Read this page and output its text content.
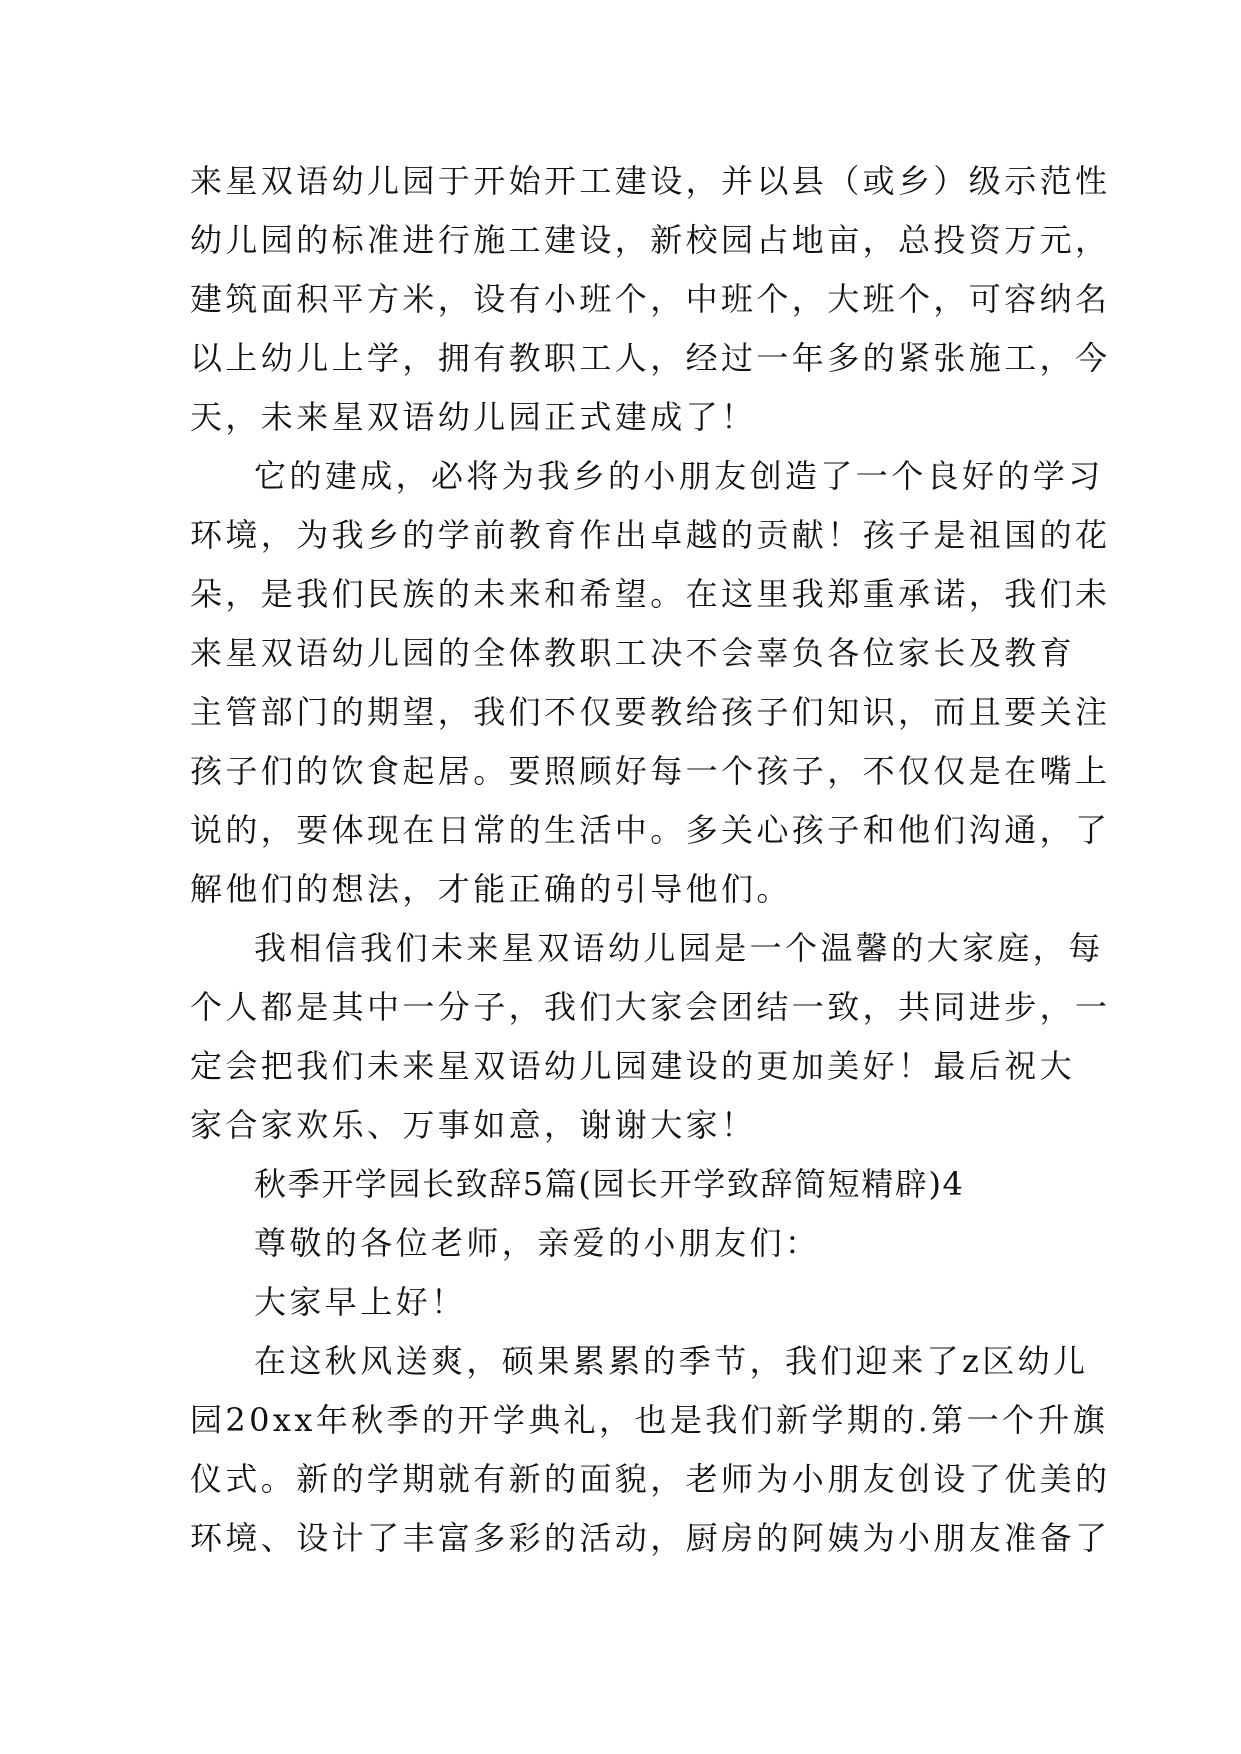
来星双语幼儿园于开始开工建设，并以县（或乡）级示范性
幼儿园的标准进行施工建设，新校园占地亩，总投资万元，
建筑面积平方米，设有小班个，中班个，大班个，可容纳名
以上幼儿上学，拥有教职工人，经过一年多的紧张施工，今
天，未来星双语幼儿园正式建成了！
它的建成，必将为我乡的小朋友创造了一个良好的学习
环境，为我乡的学前教育作出卓越的贡献！孩子是祖国的花
朵，是我们民族的未来和希望。在这里我郑重承诺，我们未
来星双语幼儿园的全体教职工决不会辜负各位家长及教育
主管部门的期望，我们不仅要教给孩子们知识，而且要关注
孩子们的饮食起居。要照顾好每一个孩子，不仅仅是在嘴上
说的，要体现在日常的生活中。多关心孩子和他们沟通，了
解他们的想法，才能正确的引导他们。
我相信我们未来星双语幼儿园是一个温馨的大家庭，每
个人都是其中一分子，我们大家会团结一致，共同进步，一
定会把我们未来星双语幼儿园建设的更加美好！最后祝大
家合家欢乐、万事如意，谢谢大家！
秋季开学园长致辞5篇(园长开学致辞简短精辟)4
尊敬的各位老师，亲爱的小朋友们：
大家早上好！
在这秋风送爽，硕果累累的季节，我们迎来了z区幼儿
园20xx年秋季的开学典礼，也是我们新学期的.第一个升旗
仪式。新的学期就有新的面貌，老师为小朋友创设了优美的
环境、设计了丰富多彩的活动，厨房的阿姨为小朋友准备了
